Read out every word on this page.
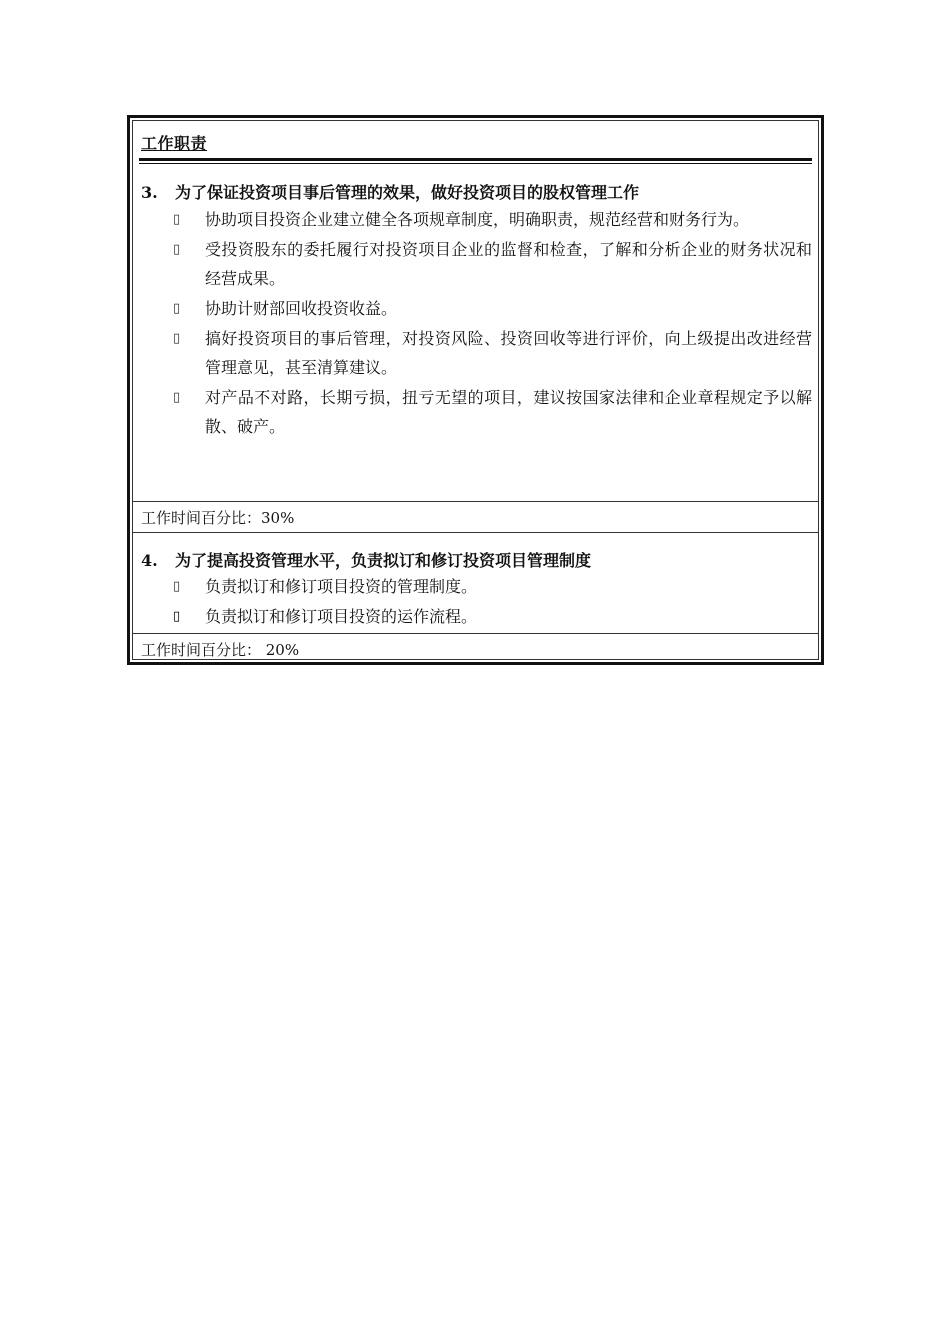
工作职责
3. 为了保证投资项目事后管理的效果，做好投资项目的股权管理工作
▯ 协助项目投资企业建立健全各项规章制度，明确职责，规范经营和财务行为。
▯ 受投资股东的委托履行对投资项目企业的监督和检查，了解和分析企业的财务状况和经营成果。
▯ 协助计财部回收投资收益。
▯ 搞好投资项目的事后管理，对投资风险、投资回收等进行评价，向上级提出改进经营管理意见，甚至清算建议。
▯ 对产品不对路，长期亏损，扭亏无望的项目，建议按国家法律和企业章程规定予以解散、破产。

工作时间百分比：30%

4. 为了提高投资管理水平，负责拟订和修订投资项目管理制度
▯ 负责拟订和修订项目投资的管理制度。
▯ 负责拟订和修订项目投资的运作流程。

工作时间百分比： 20%
